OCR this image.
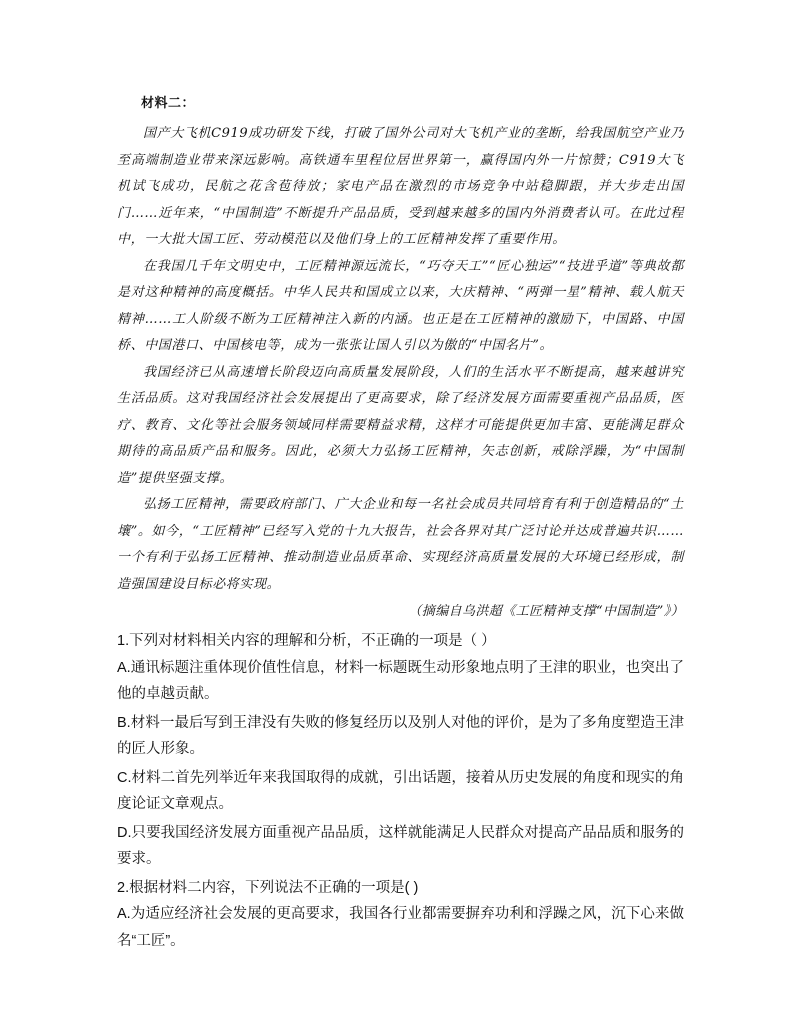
材料二：

国产大飞机C919成功研发下线，打破了国外公司对大飞机产业的垄断，给我国航空产业乃至高端制造业带来深远影响。高铁通车里程位居世界第一，赢得国内外一片惊赞；C919大飞机试飞成功，民航之花含苞待放；家电产品在激烈的市场竞争中站稳脚跟，并大步走出国门……近年来，“中国制造”不断提升产品品质，受到越来越多的国内外消费者认可。在此过程中，一大批大国工匠、劳动模范以及他们身上的工匠精神发挥了重要作用。

在我国几千年文明史中，工匠精神源远流长，“巧夺天工”“匠心独运”“技进乎道”等典故都是对这种精神的高度概括。中华人民共和国成立以来，大庆精神、“两弹一星”精神、载人航天精神……工人阶级不断为工匠精神注入新的内涵。也正是在工匠精神的激励下，中国路、中国桥、中国港口、中国核电等，成为一张张让国人引以为傲的“中国名片”。

我国经济已从高速增长阶段迈向高质量发展阶段，人们的生活水平不断提高，越来越讲究生活品质。这对我国经济社会发展提出了更高要求，除了经济发展方面需要重视产品品质，医疗、教育、文化等社会服务领域同样需要精益求精，这样才可能提供更加丰富、更能满足群众期待的高品质产品和服务。因此，必须大力弘扬工匠精神，矢志创新，戒除浮躁，为“中国制造”提供坚强支撑。

弘扬工匠精神，需要政府部门、广大企业和每一名社会成员共同培育有利于创造精品的“土壤”。如今，“工匠精神”已经写入党的十九大报告，社会各界对其广泛讨论并达成普遍共识……一个有利于弘扬工匠精神、推动制造业品质革命、实现经济高质量发展的大环境已经形成，制造强国建设目标必将实现。

（摘编自乌洪超《工匠精神支撑“中国制造”》）

1.下列对材料相关内容的理解和分析，不正确的一项是（ ）

A.通讯标题注重体现价值性信息，材料一标题既生动形象地点明了王津的职业，也突出了他的卓越贡献。

B.材料一最后写到王津没有失败的修复经历以及别人对他的评价，是为了多角度塑造王津的匠人形象。

C.材料二首先列举近年来我国取得的成就，引出话题，接着从历史发展的角度和现实的角度论证文章观点。

D.只要我国经济发展方面重视产品品质，这样就能满足人民群众对提高产品品质和服务的要求。

2.根据材料二内容，下列说法不正确的一项是( )

A.为适应经济社会发展的更高要求，我国各行业都需要摒弃功利和浮躁之风，沉下心来做名“工匠”。
